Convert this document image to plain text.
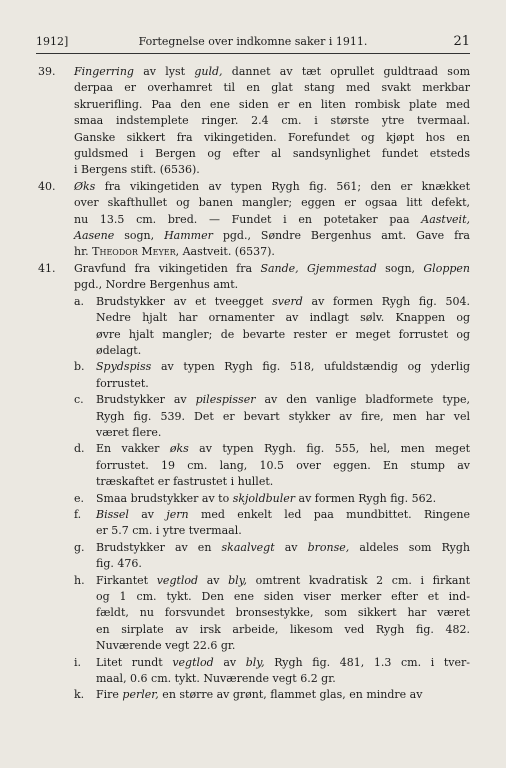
1912]	Fortegnelse over indkomne saker i 1911.	21
39. Fingerring av lyst guld, dannet av tæt oprullet guldtraad som
derpaa er overhamret til en glat stang med svakt merkbar
skruerifling. Paa den ene siden er en liten rombisk plate med
smaa indstemplete ringer. 2.4 cm. i største ytre tvermaal.
Ganske sikkert fra vikingetiden. Forefundet og kjøpt hos en
guldsmed i Bergen og efter al sandsynlighet fundet etsteds
i Bergens stift. (6536).
40. Øks fra vikingetiden av typen Rygh fig. 561; den er knækket
over skafthullet og banen mangler; eggen er ogsaa litt defekt,
nu 13.5 cm. bred. — Fundet i en potetaker paa Aastveit,
Aasene sogn, Hammer pgd., Søndre Bergenhus amt. Gave fra
hr. Theodor Meyer, Aastveit. (6537).
41. Gravfund fra vikingetiden fra Sande, Gjemmestad sogn, Gloppen
pgd., Nordre Bergenhus amt.
a. Brudstykker av et tveegget sverd av formen Rygh fig. 504.
Nedre hjalt har ornamenter av indlagt sølv. Knappen og
øvre hjalt mangler; de bevarte rester er meget forrustet og
ødelagt.
b. Spydspiss av typen Rygh fig. 518, ufuldstændig og yderlig
forrustet.
c. Brudstykker av pilespisser av den vanlige bladformete type,
Rygh fig. 539. Det er bevart stykker av fire, men har vel
været flere.
d. En vakker øks av typen Rygh. fig. 555, hel, men meget
forrustet. 19 cm. lang, 10.5 over eggen. En stump av
træskaftet er fastrustet i hullet.
e. Smaa brudstykker av to skjoldbuler av formen Rygh fig. 562.
f. Bissel av jern med enkelt led paa mundbittet. Ringene
er 5.7 cm. i ytre tvermaal.
g. Brudstykker av en skaalvegt av bronse, aldeles som Rygh
fig. 476.
h. Firkantet vegtlod av bly, omtrent kvadratisk 2 cm. i firkant
og 1 cm. tykt. Den ene siden viser merker efter et ind-
fældt, nu forsvundet bronsestykke, som sikkert har været
en sirplate av irsk arbeide, likesom ved Rygh fig. 482.
Nuværende vegt 22.6 gr.
i. Litet rundt vegtlod av bly, Rygh fig. 481, 1.3 cm. i tver-
maal, 0.6 cm. tykt. Nuværende vegt 6.2 gr.
k. Fire perler, en større av grønt, flammet glas, en mindre av
